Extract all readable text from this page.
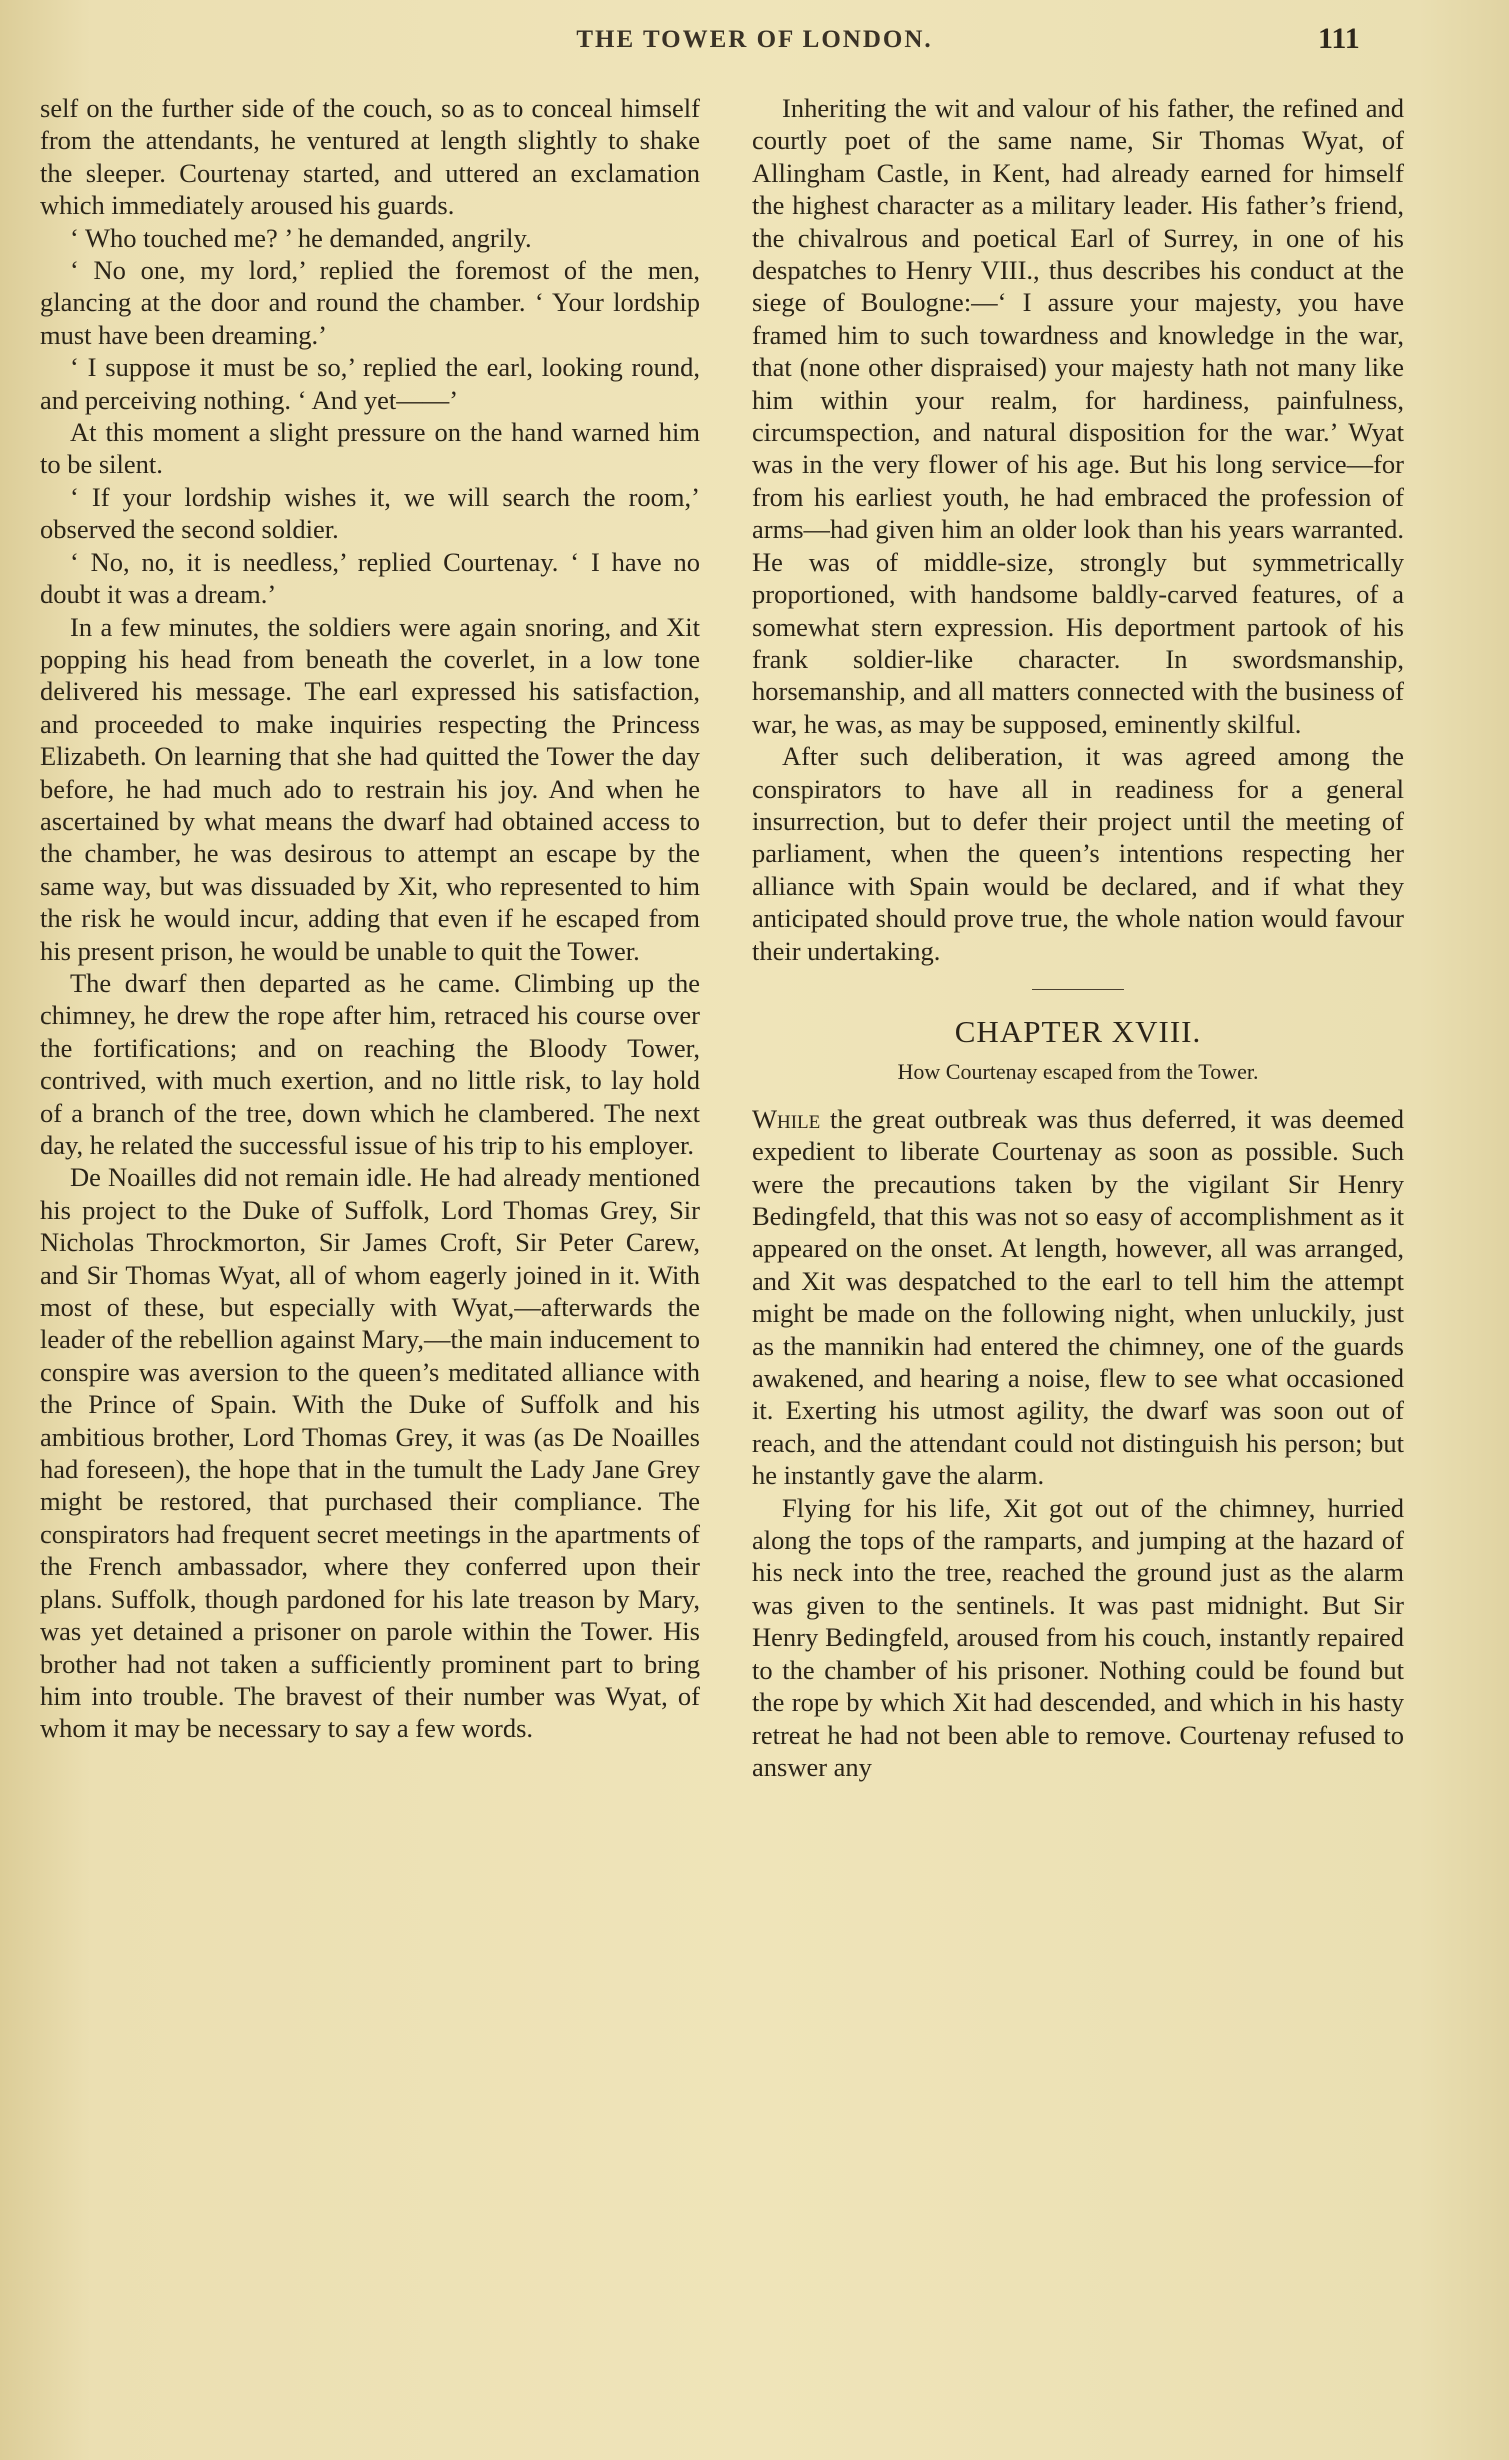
THE TOWER OF LONDON.	111

self on the further side of the couch, so as to conceal himself from the attendants, he ventured at length slightly to shake the sleeper. Courtenay started, and uttered an exclamation which immediately aroused his guards.

‘ Who touched me? ’ he demanded, angrily.

‘ No one, my lord,’ replied the foremost of the men, glancing at the door and round the chamber. ‘ Your lordship must have been dreaming.’

‘ I suppose it must be so,’ replied the earl, looking round, and perceiving nothing. ‘ And yet——’

At this moment a slight pressure on the hand warned him to be silent.

‘ If your lordship wishes it, we will search the room,’ observed the second soldier.

‘ No, no, it is needless,’ replied Courtenay. ‘ I have no doubt it was a dream.’

In a few minutes, the soldiers were again snoring, and Xit popping his head from beneath the coverlet, in a low tone delivered his message. The earl expressed his satisfaction, and proceeded to make inquiries respecting the Princess Elizabeth. On learning that she had quitted the Tower the day before, he had much ado to restrain his joy. And when he ascertained by what means the dwarf had obtained access to the chamber, he was desirous to attempt an escape by the same way, but was dissuaded by Xit, who represented to him the risk he would incur, adding that even if he escaped from his present prison, he would be unable to quit the Tower.

The dwarf then departed as he came. Climbing up the chimney, he drew the rope after him, retraced his course over the fortifications; and on reaching the Bloody Tower, contrived, with much exertion, and no little risk, to lay hold of a branch of the tree, down which he clambered. The next day, he related the successful issue of his trip to his employer.

De Noailles did not remain idle. He had already mentioned his project to the Duke of Suffolk, Lord Thomas Grey, Sir Nicholas Throckmorton, Sir James Croft, Sir Peter Carew, and Sir Thomas Wyat, all of whom eagerly joined in it. With most of these, but especially with Wyat,—afterwards the leader of the rebellion against Mary,—the main inducement to conspire was aversion to the queen’s meditated alliance with the Prince of Spain. With the Duke of Suffolk and his ambitious brother, Lord Thomas Grey, it was (as De Noailles had foreseen), the hope that in the tumult the Lady Jane Grey might be restored, that purchased their compliance. The conspirators had frequent secret meetings in the apartments of the French ambassador, where they conferred upon their plans. Suffolk, though pardoned for his late treason by Mary, was yet detained a prisoner on parole within the Tower. His brother had not taken a sufficiently prominent part to bring him into trouble. The bravest of their number was Wyat, of whom it may be necessary to say a few words.

Inheriting the wit and valour of his father, the refined and courtly poet of the same name, Sir Thomas Wyat, of Allingham Castle, in Kent, had already earned for himself the highest character as a military leader. His father’s friend, the chivalrous and poetical Earl of Surrey, in one of his despatches to Henry VIII., thus describes his conduct at the siege of Boulogne:—‘ I assure your majesty, you have framed him to such towardness and knowledge in the war, that (none other dispraised) your majesty hath not many like him within your realm, for hardiness, painfulness, circumspection, and natural disposition for the war.’ Wyat was in the very flower of his age. But his long service—for from his earliest youth, he had embraced the profession of arms—had given him an older look than his years warranted. He was of middle-size, strongly but symmetrically proportioned, with handsome baldly-carved features, of a somewhat stern expression. His deportment partook of his frank soldier-like character. In swordsmanship, horsemanship, and all matters connected with the business of war, he was, as may be supposed, eminently skilful.

After such deliberation, it was agreed among the conspirators to have all in readiness for a general insurrection, but to defer their project until the meeting of parliament, when the queen’s intentions respecting her alliance with Spain would be declared, and if what they anticipated should prove true, the whole nation would favour their undertaking.

CHAPTER XVIII.
How Courtenay escaped from the Tower.

While the great outbreak was thus deferred, it was deemed expedient to liberate Courtenay as soon as possible. Such were the precautions taken by the vigilant Sir Henry Bedingfeld, that this was not so easy of accomplishment as it appeared on the onset. At length, however, all was arranged, and Xit was despatched to the earl to tell him the attempt might be made on the following night, when unluckily, just as the mannikin had entered the chimney, one of the guards awakened, and hearing a noise, flew to see what occasioned it. Exerting his utmost agility, the dwarf was soon out of reach, and the attendant could not distinguish his person; but he instantly gave the alarm.

Flying for his life, Xit got out of the chimney, hurried along the tops of the ramparts, and jumping at the hazard of his neck into the tree, reached the ground just as the alarm was given to the sentinels. It was past midnight. But Sir Henry Bedingfeld, aroused from his couch, instantly repaired to the chamber of his prisoner. Nothing could be found but the rope by which Xit had descended, and which in his hasty retreat he had not been able to remove. Courtenay refused to answer any
